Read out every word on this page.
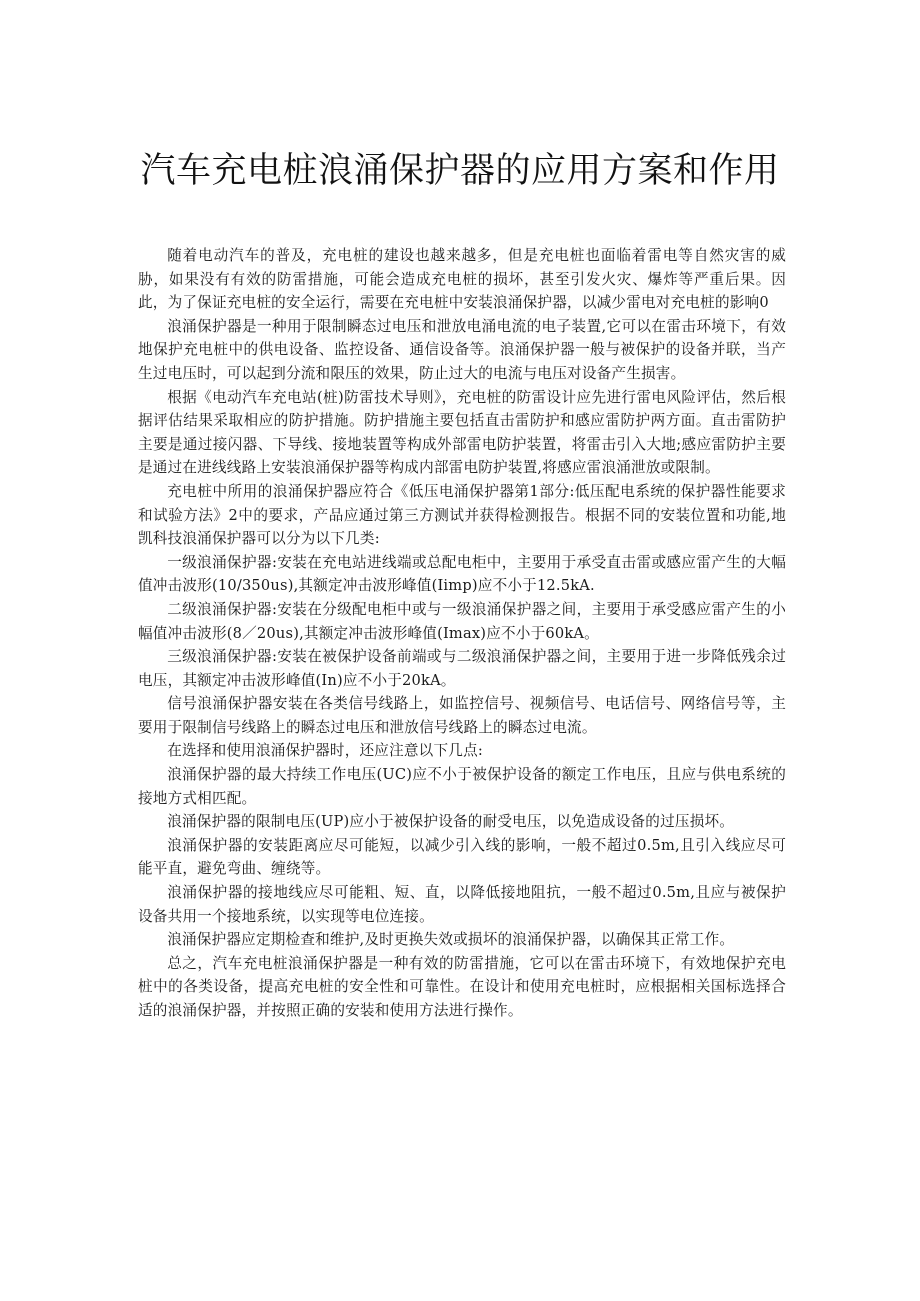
汽车充电桩浪涌保护器的应用方案和作用

随着电动汽车的普及，充电桩的建设也越来越多，但是充电桩也面临着雷电等自然灾害的威胁，如果没有有效的防雷措施，可能会造成充电桩的损坏，甚至引发火灾、爆炸等严重后果。因此，为了保证充电桩的安全运行，需要在充电桩中安装浪涌保护器，以减少雷电对充电桩的影响0

浪涌保护器是一种用于限制瞬态过电压和泄放电涌电流的电子装置,它可以在雷击环境下，有效地保护充电桩中的供电设备、监控设备、通信设备等。浪涌保护器一般与被保护的设备并联，当产生过电压时，可以起到分流和限压的效果，防止过大的电流与电压对设备产生损害。

根据《电动汽车充电站(桩)防雷技术导则》，充电桩的防雷设计应先进行雷电风险评估，然后根据评估结果采取相应的防护措施。防护措施主要包括直击雷防护和感应雷防护两方面。直击雷防护主要是通过接闪器、下导线、接地装置等构成外部雷电防护装置，将雷击引入大地;感应雷防护主要是通过在进线线路上安装浪涌保护器等构成内部雷电防护装置,将感应雷浪涌泄放或限制。

充电桩中所用的浪涌保护器应符合《低压电涌保护器第1部分:低压配电系统的保护器性能要求和试验方法》2中的要求，产品应通过第三方测试并获得检测报告。根据不同的安装位置和功能,地凯科技浪涌保护器可以分为以下几类:

一级浪涌保护器:安装在充电站进线端或总配电柜中，主要用于承受直击雷或感应雷产生的大幅值冲击波形(10/350us),其额定冲击波形峰值(Iimp)应不小于12.5kA.

二级浪涌保护器:安装在分级配电柜中或与一级浪涌保护器之间，主要用于承受感应雷产生的小幅值冲击波形(8／20us),其额定冲击波形峰值(Imax)应不小于60kA。

三级浪涌保护器:安装在被保护设备前端或与二级浪涌保护器之间，主要用于进一步降低残余过电压，其额定冲击波形峰值(In)应不小于20kA。

信号浪涌保护器安装在各类信号线路上，如监控信号、视频信号、电话信号、网络信号等，主要用于限制信号线路上的瞬态过电压和泄放信号线路上的瞬态过电流。

在选择和使用浪涌保护器时，还应注意以下几点:

浪涌保护器的最大持续工作电压(UC)应不小于被保护设备的额定工作电压，且应与供电系统的接地方式相匹配。

浪涌保护器的限制电压(UP)应小于被保护设备的耐受电压，以免造成设备的过压损坏。

浪涌保护器的安装距离应尽可能短，以减少引入线的影响，一般不超过0.5m,且引入线应尽可能平直，避免弯曲、缠绕等。

浪涌保护器的接地线应尽可能粗、短、直，以降低接地阻抗，一般不超过0.5m,且应与被保护设备共用一个接地系统，以实现等电位连接。

浪涌保护器应定期检查和维护,及时更换失效或损坏的浪涌保护器，以确保其正常工作。

总之，汽车充电桩浪涌保护器是一种有效的防雷措施，它可以在雷击环境下，有效地保护充电桩中的各类设备，提高充电桩的安全性和可靠性。在设计和使用充电桩时，应根据相关国标选择合适的浪涌保护器，并按照正确的安装和使用方法进行操作。
